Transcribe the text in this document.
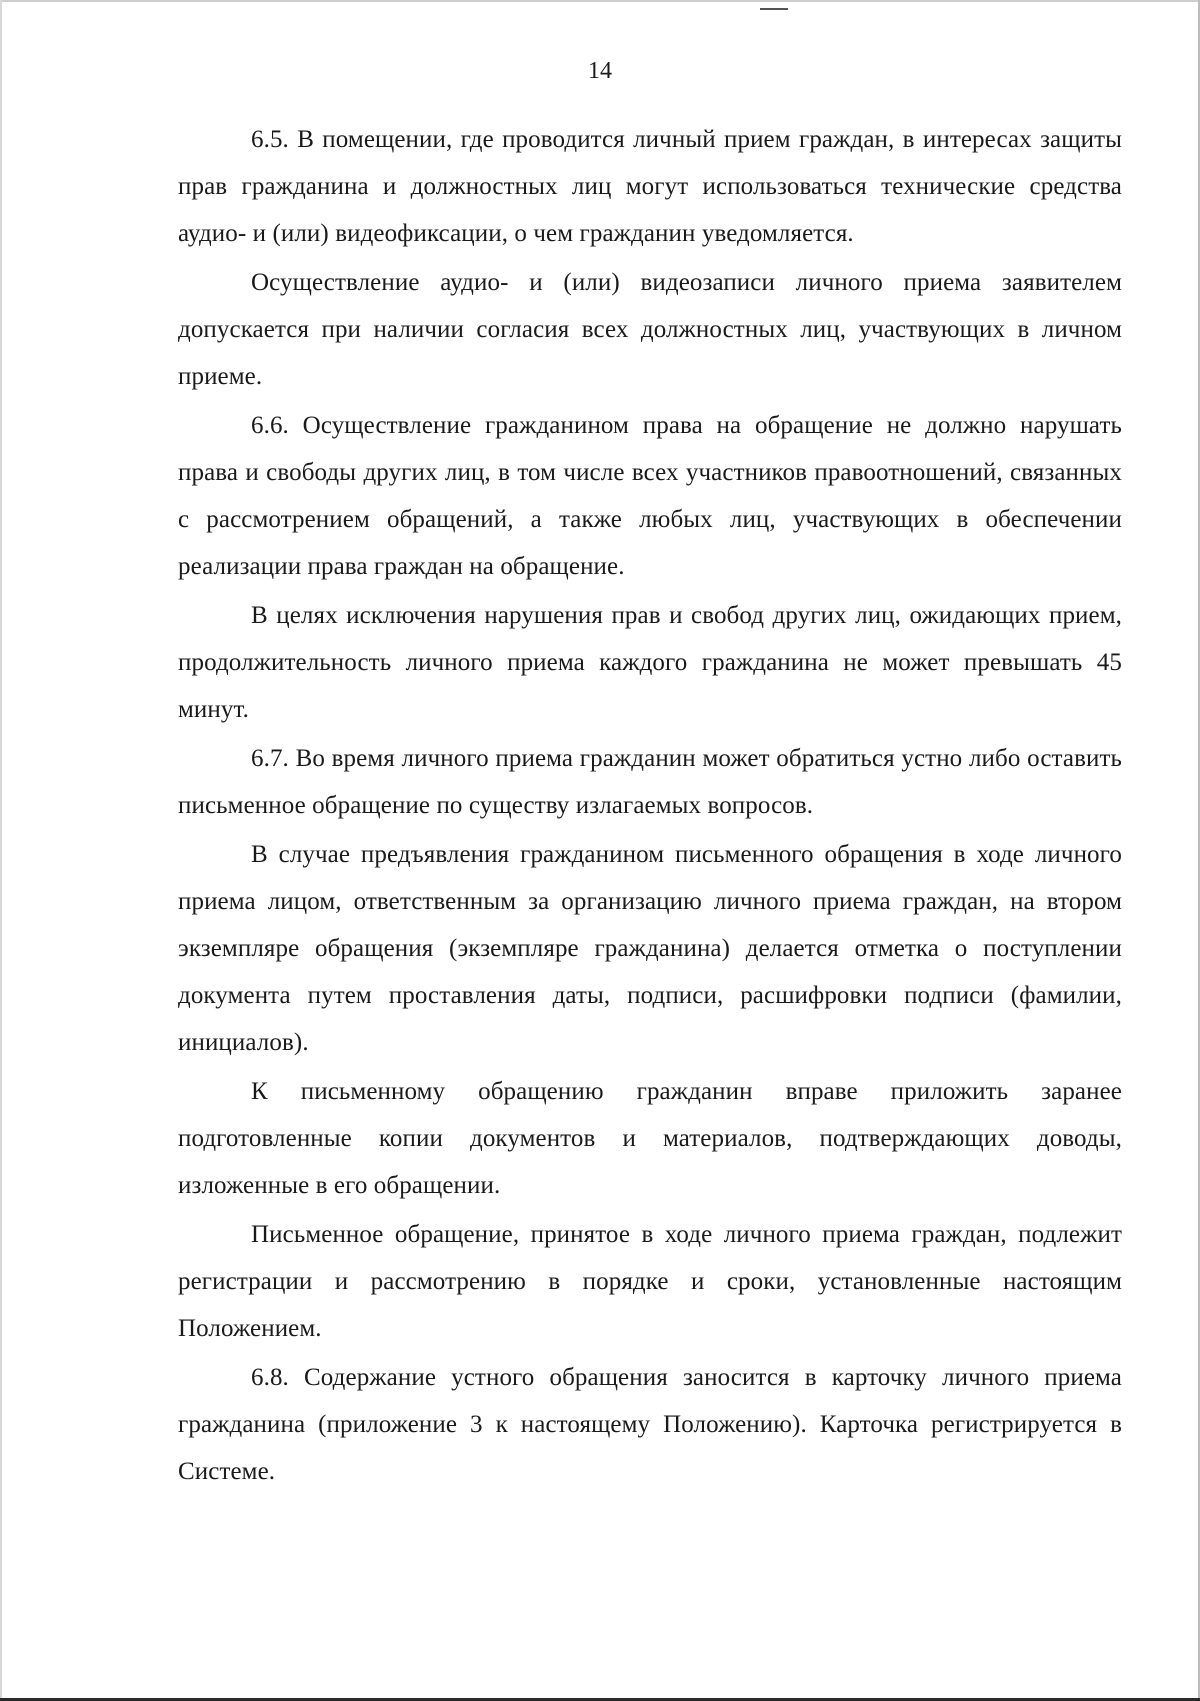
14

6.5. В помещении, где проводится личный прием граждан, в интересах защиты прав гражданина и должностных лиц могут использоваться технические средства аудио- и (или) видеофиксации, о чем гражданин уведомляется.

Осуществление аудио- и (или) видеозаписи личного приема заявителем допускается при наличии согласия всех должностных лиц, участвующих в личном приеме.

6.6. Осуществление гражданином права на обращение не должно нарушать права и свободы других лиц, в том числе всех участников правоотношений, связанных с рассмотрением обращений, а также любых лиц, участвующих в обеспечении реализации права граждан на обращение.

В целях исключения нарушения прав и свобод других лиц, ожидающих прием, продолжительность личного приема каждого гражданина не может превышать 45 минут.

6.7. Во время личного приема гражданин может обратиться устно либо оставить письменное обращение по существу излагаемых вопросов.

В случае предъявления гражданином письменного обращения в ходе личного приема лицом, ответственным за организацию личного приема граждан, на втором экземпляре обращения (экземпляре гражданина) делается отметка о поступлении документа путем проставления даты, подписи, расшифровки подписи (фамилии, инициалов).

К письменному обращению гражданин вправе приложить заранее подготовленные копии документов и материалов, подтверждающих доводы, изложенные в его обращении.

Письменное обращение, принятое в ходе личного приема граждан, подлежит регистрации и рассмотрению в порядке и сроки, установленные настоящим Положением.

6.8. Содержание устного обращения заносится в карточку личного приема гражданина (приложение 3 к настоящему Положению). Карточка регистрируется в Системе.
